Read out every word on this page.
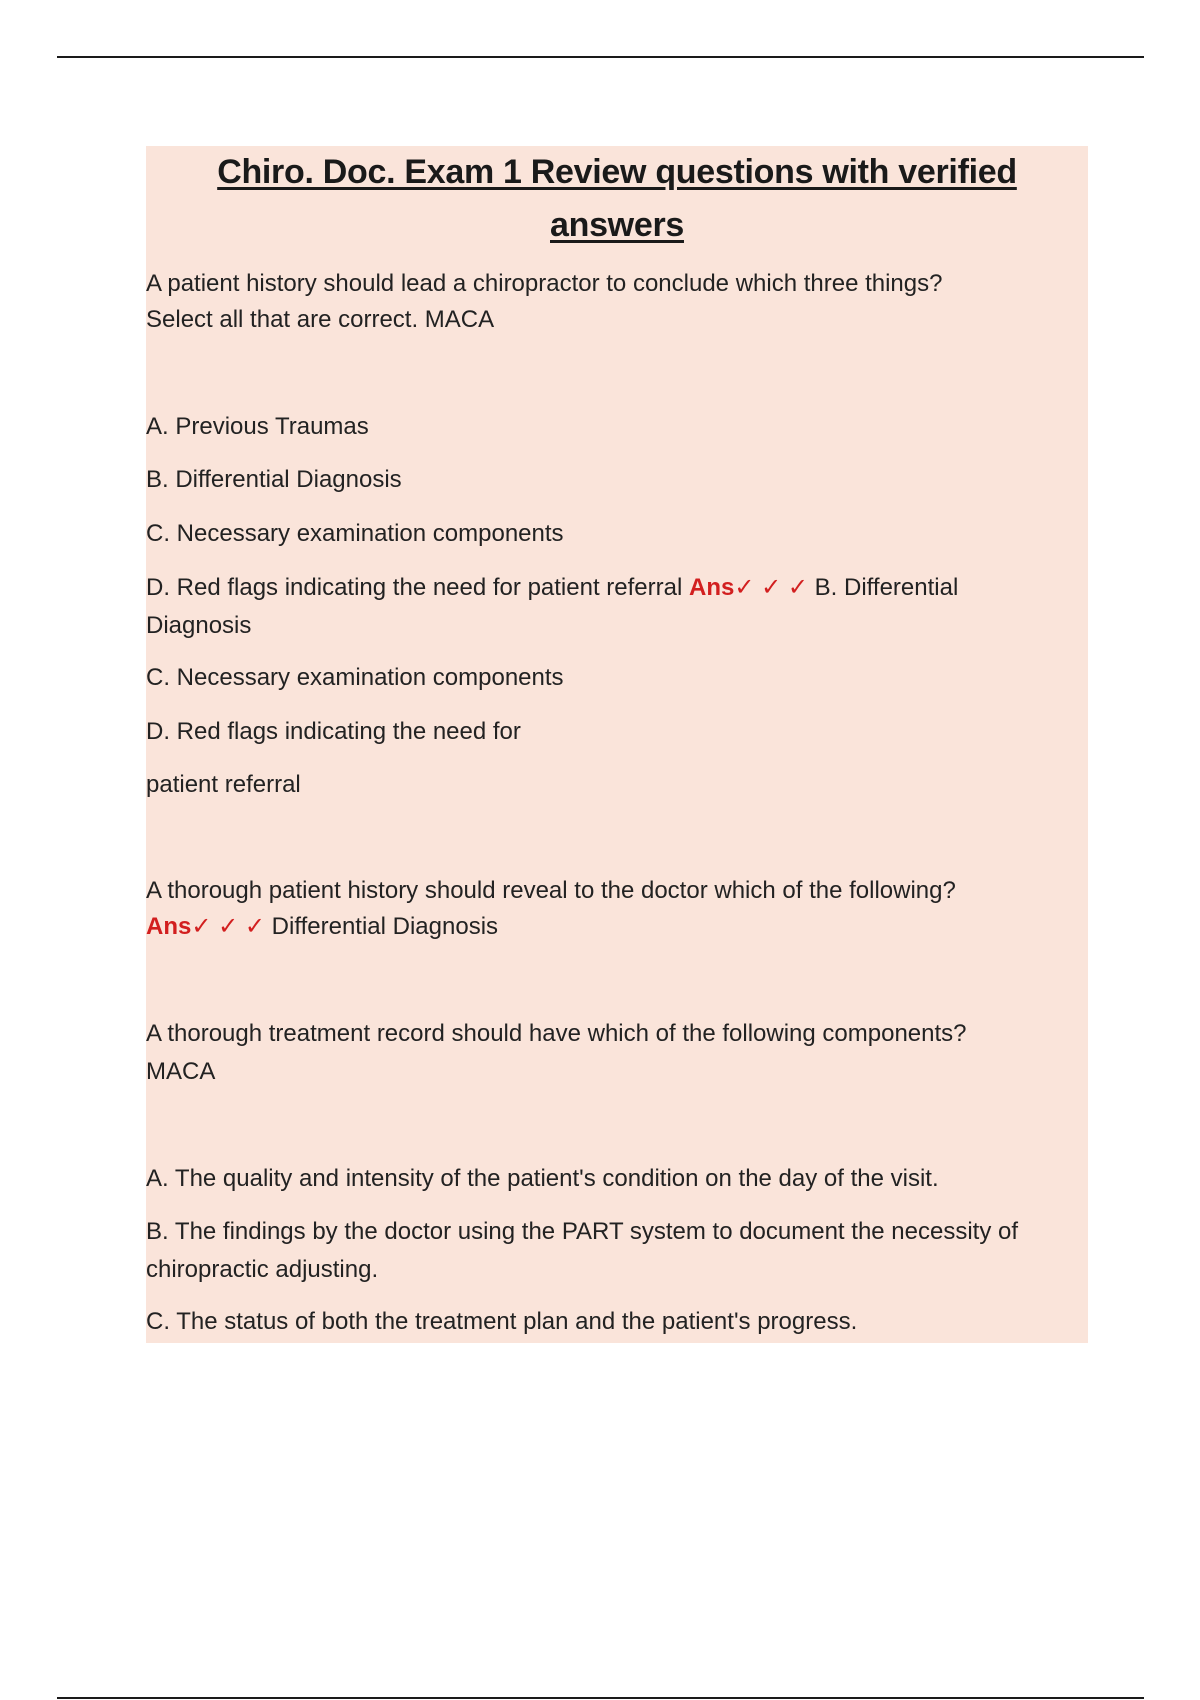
Chiro. Doc. Exam 1 Review questions with verified answers

A patient history should lead a chiropractor to conclude which three things?

Select all that are correct. MACA

A. Previous Traumas

B. Differential Diagnosis

C. Necessary examination components

D. Red flags indicating the need for patient referral Ans✓ ✓ ✓ B. Differential

Diagnosis

C. Necessary examination components

D. Red flags indicating the need for

patient referral

A thorough patient history should reveal to the doctor which of the following?

Ans✓ ✓ ✓ Differential Diagnosis

A thorough treatment record should have which of the following components?

MACA

A. The quality and intensity of the patient's condition on the day of the visit.

B. The findings by the doctor using the PART system to document the necessity of

chiropractic adjusting.

C. The status of both the treatment plan and the patient's progress.
